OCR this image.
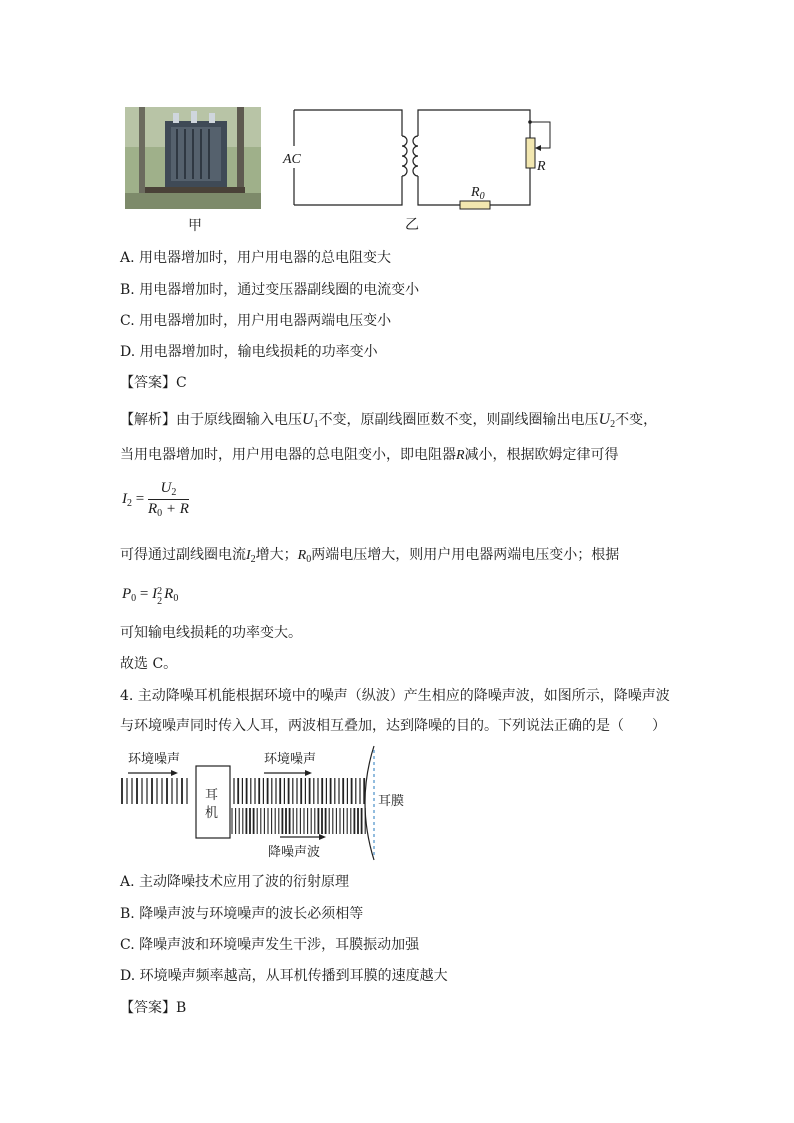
甲
AC	R
$R_0$
乙
A. 用电器增加时，用户用电器的总电阻变大
B. 用电器增加时，通过变压器副线圈的电流变小
C. 用电器增加时，用户用电器两端电压变小
D. 用电器增加时，输电线损耗的功率变小
【答案】C
【解析】由于原线圈输入电压$U_1$不变，原副线圈匝数不变，则副线圈输出电压$U_2$不变，
当用电器增加时，用户用电器的总电阻变小，即电阻器R减小，根据欧姆定律可得
$I_2 = \frac{U_2}{R_0 + R}$
可得通过副线圈电流$I_2$增大；$R_0$两端电压增大，则用户用电器两端电压变小；根据
$P_0 = I$ 2
2 $R_0$
可知输电线损耗的功率变大。
故选 C。
4. 主动降噪耳机能根据环境中的噪声（纵波）产生相应的降噪声波，如图所示，降噪声波
与环境噪声同时传入人耳，两波相互叠加，达到降噪的目的。下列说法正确的是（　　）
环境噪声	环境噪声
耳
机
降噪声波
耳膜
A. 主动降噪技术应用了波的衍射原理
B. 降噪声波与环境噪声的波长必须相等
C. 降噪声波和环境噪声发生干涉，耳膜振动加强
D. 环境噪声频率越高，从耳机传播到耳膜的速度越大
【答案】B
